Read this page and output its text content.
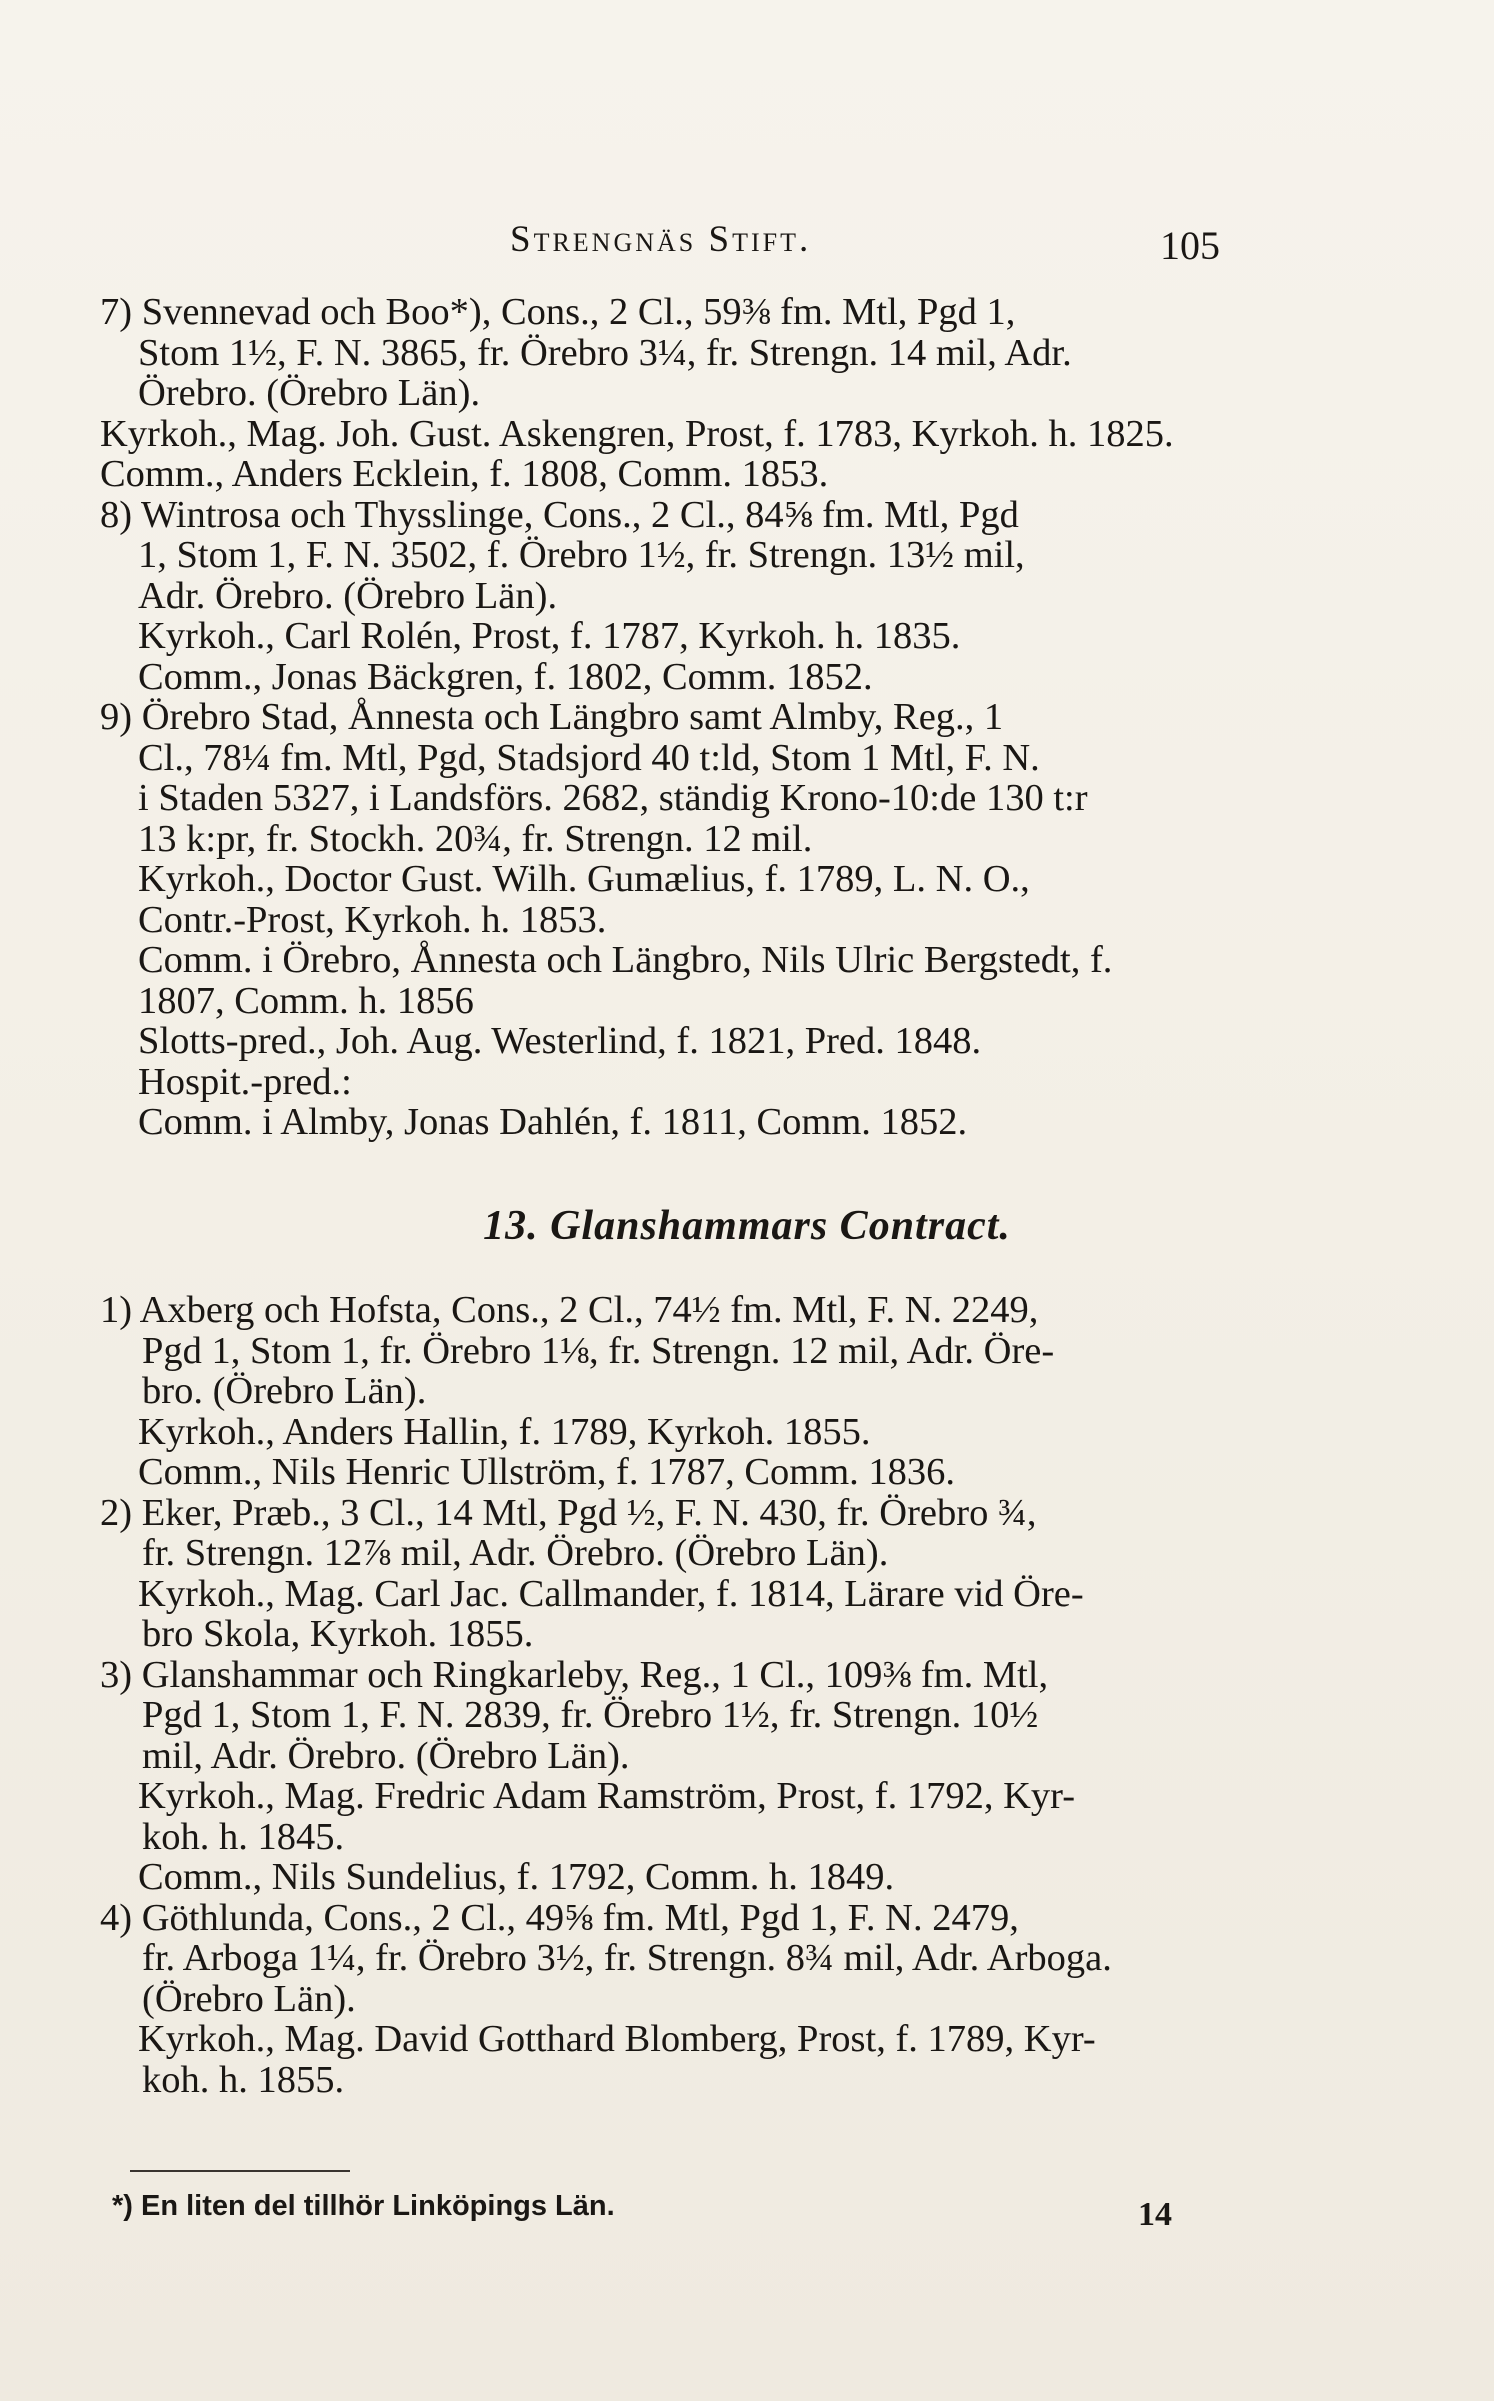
Strengnäs Stift.	105
7) Svennevad och Boo*), Cons., 2 Cl., 59⅜ fm. Mtl, Pgd 1,
Stom 1½, F. N. 3865, fr. Örebro 3¼, fr. Strengn. 14 mil, Adr.
Örebro. (Örebro Län).
Kyrkoh., Mag. Joh. Gust. Askengren, Prost, f. 1783, Kyrkoh. h. 1825.
Comm., Anders Ecklein, f. 1808, Comm. 1853.
8) Wintrosa och Thysslinge, Cons., 2 Cl., 84⅝ fm. Mtl, Pgd
1, Stom 1, F. N. 3502, f. Örebro 1½, fr. Strengn. 13½ mil,
Adr. Örebro. (Örebro Län).
Kyrkoh., Carl Rolén, Prost, f. 1787, Kyrkoh. h. 1835.
Comm., Jonas Bäckgren, f. 1802, Comm. 1852.
9) Örebro Stad, Ånnesta och Längbro samt Almby, Reg., 1
Cl., 78¼ fm. Mtl, Pgd, Stadsjord 40 t:ld, Stom 1 Mtl, F. N.
i Staden 5327, i Landsförs. 2682, ständig Krono-10:de 130 t:r
13 k:pr, fr. Stockh. 20¾, fr. Strengn. 12 mil.
Kyrkoh., Doctor Gust. Wilh. Gumælius, f. 1789, L. N. O.,
Contr.-Prost, Kyrkoh. h. 1853.
Comm. i Örebro, Ånnesta och Längbro, Nils Ulric Bergstedt, f.
1807, Comm. h. 1856
Slotts-pred., Joh. Aug. Westerlind, f. 1821, Pred. 1848.
Hospit.-pred.:
Comm. i Almby, Jonas Dahlén, f. 1811, Comm. 1852.
13. Glanshammars Contract.
1) Axberg och Hofsta, Cons., 2 Cl., 74½ fm. Mtl, F. N. 2249,
Pgd 1, Stom 1, fr. Örebro 1⅛, fr. Strengn. 12 mil, Adr. Öre-
bro. (Örebro Län).
Kyrkoh., Anders Hallin, f. 1789, Kyrkoh. 1855.
Comm., Nils Henric Ullström, f. 1787, Comm. 1836.
2) Eker, Præb., 3 Cl., 14 Mtl, Pgd ½, F. N. 430, fr. Örebro ¾,
fr. Strengn. 12⅞ mil, Adr. Örebro. (Örebro Län).
Kyrkoh., Mag. Carl Jac. Callmander, f. 1814, Lärare vid Öre-
bro Skola, Kyrkoh. 1855.
3) Glanshammar och Ringkarleby, Reg., 1 Cl., 109⅜ fm. Mtl,
Pgd 1, Stom 1, F. N. 2839, fr. Örebro 1½, fr. Strengn. 10½
mil, Adr. Örebro. (Örebro Län).
Kyrkoh., Mag. Fredric Adam Ramström, Prost, f. 1792, Kyr-
koh. h. 1845.
Comm., Nils Sundelius, f. 1792, Comm. h. 1849.
4) Göthlunda, Cons., 2 Cl., 49⅝ fm. Mtl, Pgd 1, F. N. 2479,
fr. Arboga 1¼, fr. Örebro 3½, fr. Strengn. 8¾ mil, Adr. Arboga.
(Örebro Län).
Kyrkoh., Mag. David Gotthard Blomberg, Prost, f. 1789, Kyr-
koh. h. 1855.
*) En liten del tillhör Linköpings Län.	14
